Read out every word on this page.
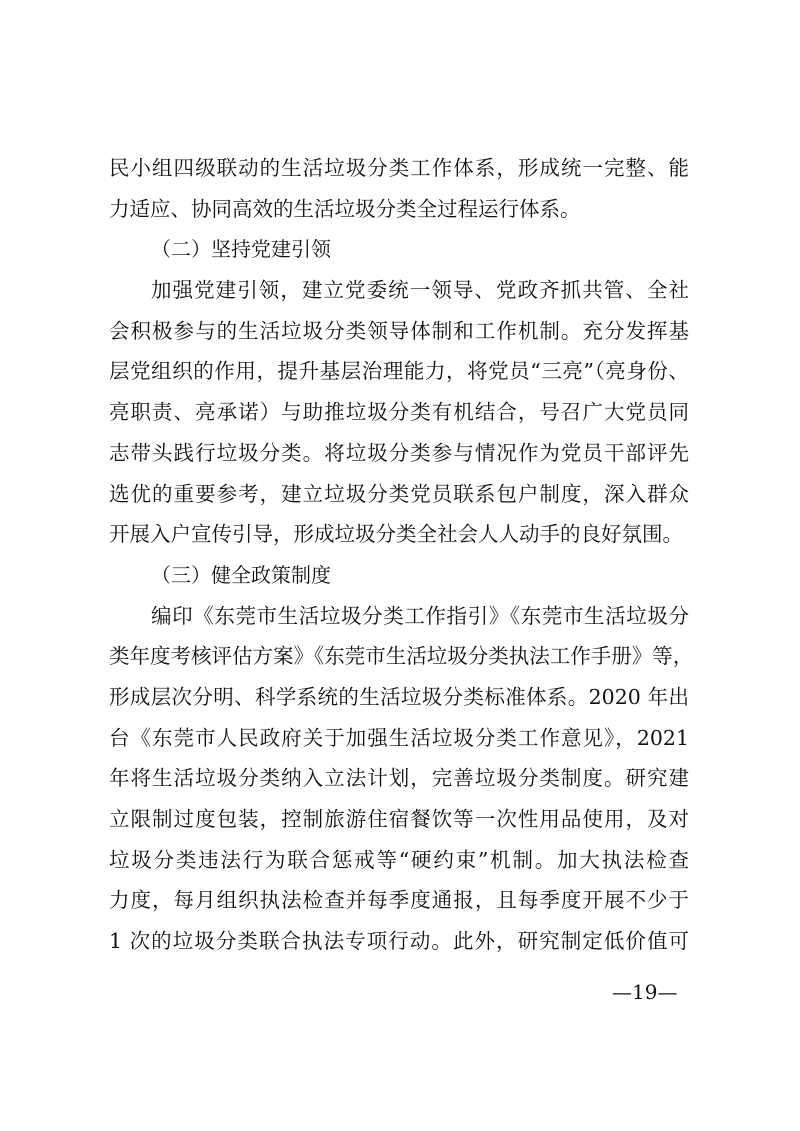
民小组四级联动的生活垃圾分类工作体系，形成统一完整、能
力适应、协同高效的生活垃圾分类全过程运行体系。
（二）坚持党建引领
加强党建引领，建立党委统一领导、党政齐抓共管、全社
会积极参与的生活垃圾分类领导体制和工作机制。充分发挥基
层党组织的作用，提升基层治理能力，将党员“三亮”（亮身份、
亮职责、亮承诺）与助推垃圾分类有机结合，号召广大党员同
志带头践行垃圾分类。将垃圾分类参与情况作为党员干部评先
选优的重要参考，建立垃圾分类党员联系包户制度，深入群众
开展入户宣传引导，形成垃圾分类全社会人人动手的良好氛围。
（三）健全政策制度
编印《东莞市生活垃圾分类工作指引》《东莞市生活垃圾分
类年度考核评估方案》《东莞市生活垃圾分类执法工作手册》等，
形成层次分明、科学系统的生活垃圾分类标准体系。2020 年出
台《东莞市人民政府关于加强生活垃圾分类工作意见》，2021
年将生活垃圾分类纳入立法计划，完善垃圾分类制度。研究建
立限制过度包装，控制旅游住宿餐饮等一次性用品使用，及对
垃圾分类违法行为联合惩戒等“硬约束”机制。加大执法检查
力度，每月组织执法检查并每季度通报，且每季度开展不少于
1 次的垃圾分类联合执法专项行动。此外，研究制定低价值可
—19—
